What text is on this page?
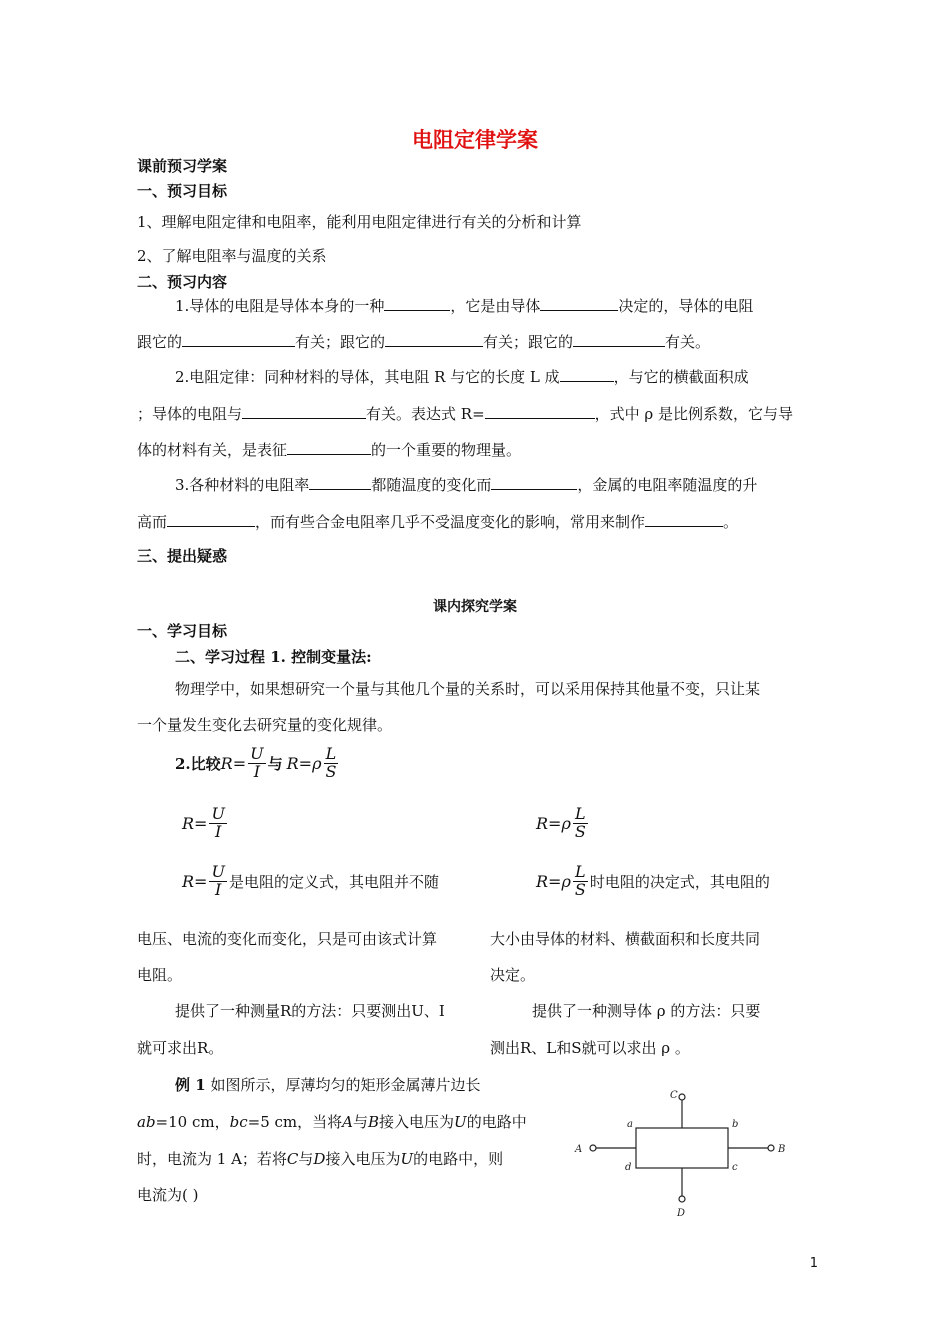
电阻定律学案
课前预习学案
一、预习目标
1、理解电阻定律和电阻率，能利用电阻定律进行有关的分析和计算
2、了解电阻率与温度的关系
二、预习内容
1.导体的电阻是导体本身的一种	，它是由导体	决定的，导体的电阻
跟它的	有关；跟它的	有关；跟它的	有关。
2.电阻定律：同种材料的导体，其电阻 R 与它的长度 L 成	，与它的横截面积成
；导体的电阻与	有关。表达式 R=	，式中 ρ 是比例系数，它与导
体的材料有关，是表征	的一个重要的物理量。
3.各种材料的电阻率	都随温度的变化而	，金属的电阻率随温度的升
高而	，而有些合金电阻率几乎不受温度变化的影响，常用来制作	。
三、提出疑惑
课内探究学案
一、学习目标
二、学习过程 1. 控制变量法:
物理学中，如果想研究一个量与其他几个量的关系时，可以采用保持其他量不变，只让某
一个量发生变化去研究量的变化规律。
2.比较 $R = \frac{U}{I}$ 与 R = ρ $\frac{L}{S}$
$R = \frac{U}{I}$	R = ρ $\frac{L}{S}$
$R = \frac{U}{I}$ 是电阻的定义式，其电阻并不随	R = ρ $\frac{L}{S}$ 时电阻的决定式，其电阻的
电压、电流的变化而变化，只是可由该式计算	大小由导体的材料、横截面积和长度共同
电阻。	决定。
提供了一种测量R的方法：只要测出U、I	提供了一种测导体 ρ 的方法：只要
就可求出R。	测出R、L和S就可以求出 ρ 。
例 1 如图所示，厚薄均匀的矩形金属薄片边长
ab=10 cm，bc=5 cm，当将A与B接入电压为U的电路中
时，电流为 1 A；若将C与D接入电压为U的电路中，则
电流为( )
C
D
A	B
a	b
c
d
1
